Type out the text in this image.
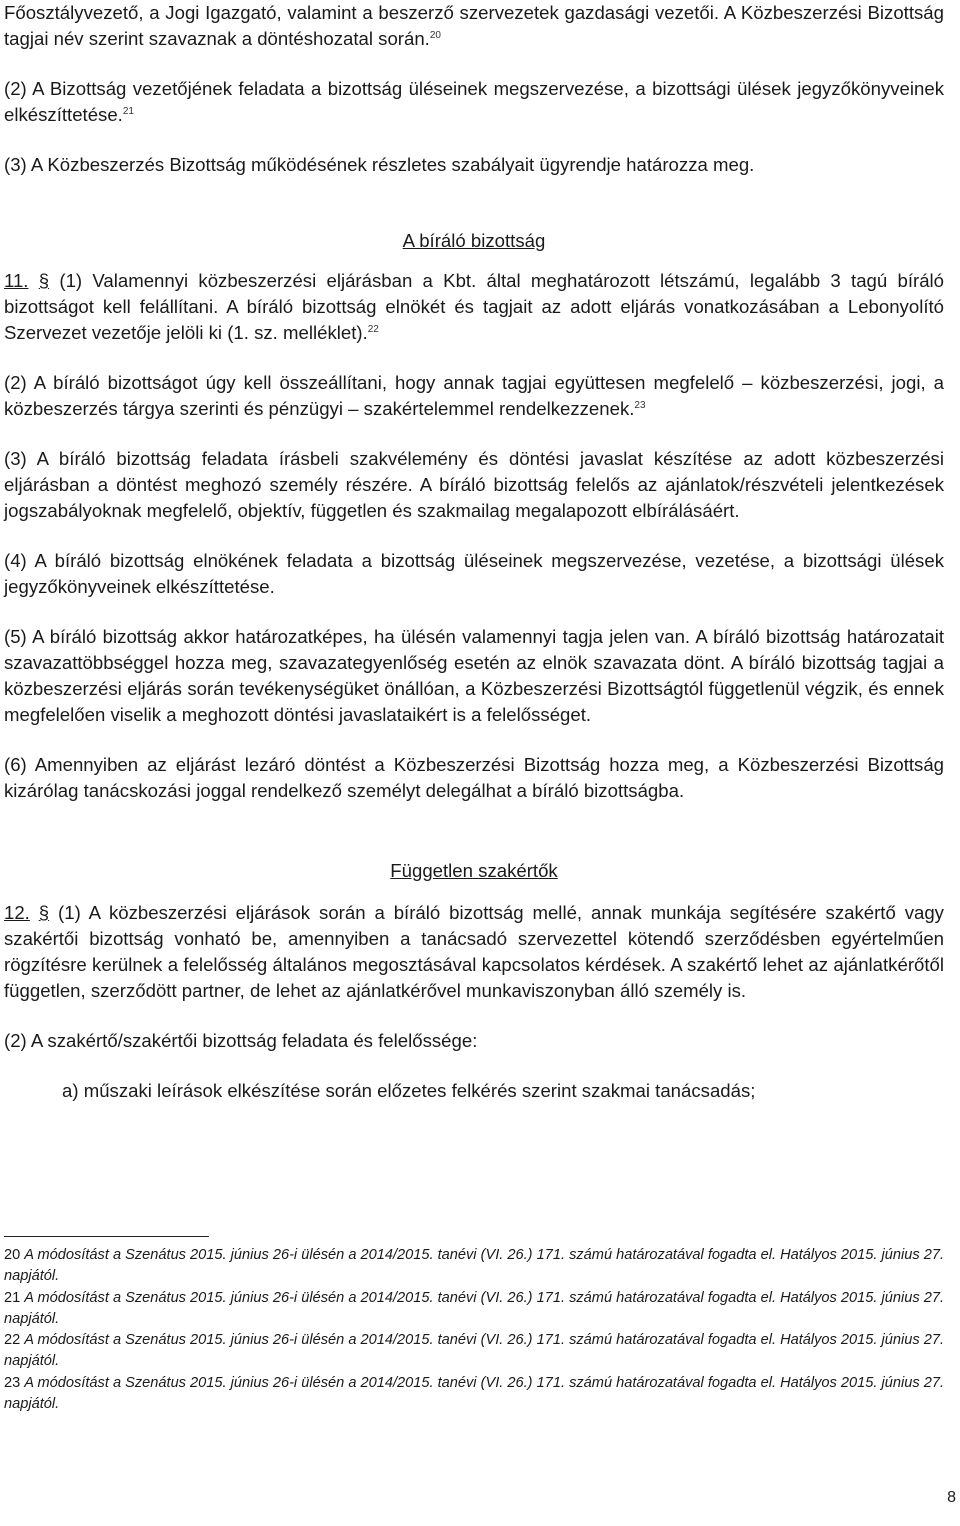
Főosztályvezető, a Jogi Igazgató, valamint a beszerző szervezetek gazdasági vezetői. A Közbeszerzési Bizottság tagjai név szerint szavaznak a döntéshozatal során.$^{20}$

(2) A Bizottság vezetőjének feladata a bizottság üléseinek megszervezése, a bizottsági ülések jegyzőkönyveinek elkészíttetése.$^{21}$

(3) A Közbeszerzés Bizottság működésének részletes szabályait ügyrendje határozza meg.

A bíráló bizottság

11. § (1) Valamennyi közbeszerzési eljárásban a Kbt. által meghatározott létszámú, legalább 3 tagú bíráló bizottságot kell felállítani. A bíráló bizottság elnökét és tagjait az adott eljárás vonatkozásában a Lebonyolító Szervezet vezetője jelöli ki (1. sz. melléklet).$^{22}$

(2) A bíráló bizottságot úgy kell összeállítani, hogy annak tagjai együttesen megfelelő – közbeszerzési, jogi, a közbeszerzés tárgya szerinti és pénzügyi – szakértelemmel rendelkezzenek.$^{23}$

(3) A bíráló bizottság feladata írásbeli szakvélemény és döntési javaslat készítése az adott közbeszerzési eljárásban a döntést meghozó személy részére. A bíráló bizottság felelős az ajánlatok/részvételi jelentkezések jogszabályoknak megfelelő, objektív, független és szakmailag megalapozott elbírálásáért.

(4) A bíráló bizottság elnökének feladata a bizottság üléseinek megszervezése, vezetése, a bizottsági ülések jegyzőkönyveinek elkészíttetése.

(5) A bíráló bizottság akkor határozatképes, ha ülésén valamennyi tagja jelen van. A bíráló bizottság határozatait szavazattöbbséggel hozza meg, szavazategyenlőség esetén az elnök szavazata dönt. A bíráló bizottság tagjai a közbeszerzési eljárás során tevékenységüket önállóan, a Közbeszerzési Bizottságtól függetlenül végzik, és ennek megfelelően viselik a meghozott döntési javaslataikért is a felelősséget.

(6) Amennyiben az eljárást lezáró döntést a Közbeszerzési Bizottság hozza meg, a Közbeszerzési Bizottság kizárólag tanácskozási joggal rendelkező személyt delegálhat a bíráló bizottságba.

Független szakértők

12. § (1) A közbeszerzési eljárások során a bíráló bizottság mellé, annak munkája segítésére szakértő vagy szakértői bizottság vonható be, amennyiben a tanácsadó szervezettel kötendő szerződésben egyértelműen rögzítésre kerülnek a felelősség általános megosztásával kapcsolatos kérdések. A szakértő lehet az ajánlatkérőtől független, szerződött partner, de lehet az ajánlatkérővel munkaviszonyban álló személy is.

(2) A szakértő/szakértői bizottság feladata és felelőssége:

a) műszaki leírások elkészítése során előzetes felkérés szerint szakmai tanácsadás;

20 A módosítást a Szenátus 2015. június 26-i ülésén a 2014/2015. tanévi (VI. 26.) 171. számú határozatával fogadta el. Hatályos 2015. június 27. napjától.

21 A módosítást a Szenátus 2015. június 26-i ülésén a 2014/2015. tanévi (VI. 26.) 171. számú határozatával fogadta el. Hatályos 2015. június 27. napjától.

22 A módosítást a Szenátus 2015. június 26-i ülésén a 2014/2015. tanévi (VI. 26.) 171. számú határozatával fogadta el. Hatályos 2015. június 27. napjától.

23 A módosítást a Szenátus 2015. június 26-i ülésén a 2014/2015. tanévi (VI. 26.) 171. számú határozatával fogadta el. Hatályos 2015. június 27. napjától.

8
